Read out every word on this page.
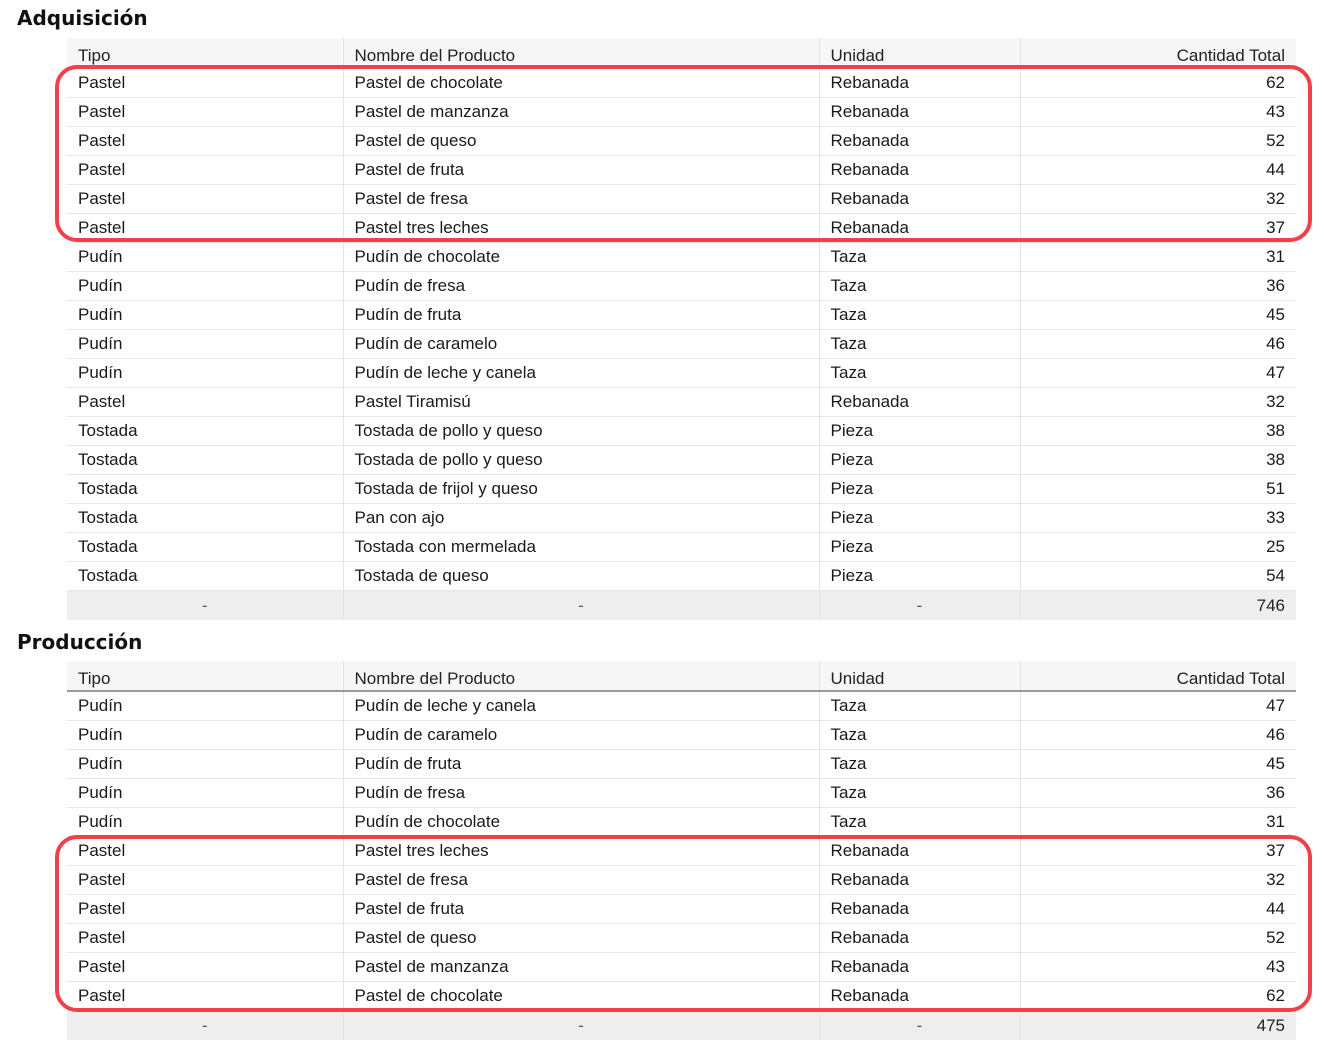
Adquisición
Tipo	Nombre del Producto	Unidad	Cantidad Total
Pastel	Pastel de chocolate	Rebanada	62
Pastel	Pastel de manzanza	Rebanada	43
Pastel	Pastel de queso	Rebanada	52
Pastel	Pastel de fruta	Rebanada	44
Pastel	Pastel de fresa	Rebanada	32
Pastel	Pastel tres leches	Rebanada	37
Pudín	Pudín de chocolate	Taza	31
Pudín	Pudín de fresa	Taza	36
Pudín	Pudín de fruta	Taza	45
Pudín	Pudín de caramelo	Taza	46
Pudín	Pudín de leche y canela	Taza	47
Pastel	Pastel Tiramisú	Rebanada	32
Tostada	Tostada de pollo y queso	Pieza	38
Tostada	Tostada de pollo y queso	Pieza	38
Tostada	Tostada de frijol y queso	Pieza	51
Tostada	Pan con ajo	Pieza	33
Tostada	Tostada con mermelada	Pieza	25
Tostada	Tostada de queso	Pieza	54
-	-	-	746
Producción
Tipo	Nombre del Producto	Unidad	Cantidad Total
Pudín	Pudín de leche y canela	Taza	47
Pudín	Pudín de caramelo	Taza	46
Pudín	Pudín de fruta	Taza	45
Pudín	Pudín de fresa	Taza	36
Pudín	Pudín de chocolate	Taza	31
Pastel	Pastel tres leches	Rebanada	37
Pastel	Pastel de fresa	Rebanada	32
Pastel	Pastel de fruta	Rebanada	44
Pastel	Pastel de queso	Rebanada	52
Pastel	Pastel de manzanza	Rebanada	43
Pastel	Pastel de chocolate	Rebanada	62
-	-	-	475
